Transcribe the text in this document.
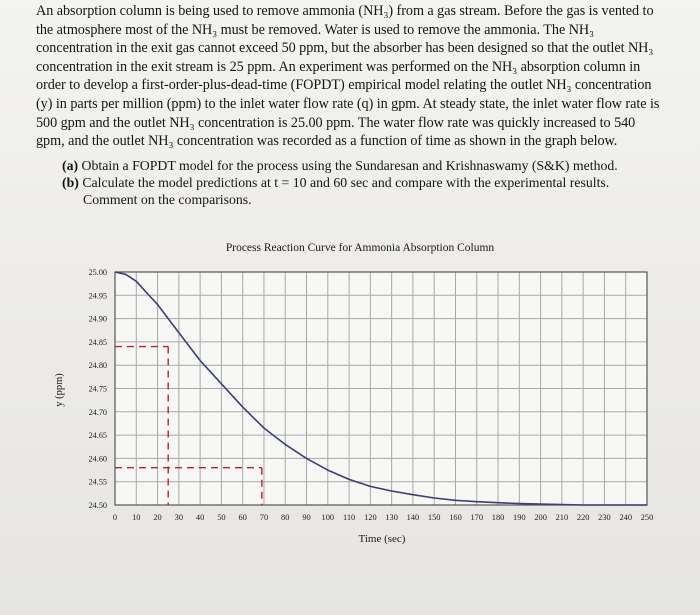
An absorption column is being used to remove ammonia (NH₃) from a gas stream. Before the gas is vented to the atmosphere most of the NH₃ must be removed. Water is used to remove the ammonia. The NH₃ concentration in the exit gas cannot exceed 50 ppm, but the absorber has been designed so that the outlet NH₃ concentration in the exit stream is 25 ppm. An experiment was performed on the NH₃ absorption column in order to develop a first-order-plus-dead-time (FOPDT) empirical model relating the outlet NH₃ concentration (y) in parts per million (ppm) to the inlet water flow rate (q) in gpm. At steady state, the inlet water flow rate is 500 gpm and the outlet NH₃ concentration is 25.00 ppm. The water flow rate was quickly increased to 540 gpm, and the outlet NH₃ concentration was recorded as a function of time as shown in the graph below.

(a) Obtain a FOPDT model for the process using the Sundaresan and Krishnaswamy (S&K) method.

(b) Calculate the model predictions at t = 10 and 60 sec and compare with the experimental results.

Comment on the comparisons.

Process Reaction Curve for Ammonia Absorption Column
0 10 20 30 40 50 60 70 80 90 100 110 120 130 140 150 160 170 180 190 200 210 220 230 240 250
25.00
24.95
24.90
24.85
24.80
24.75
24.70
24.65
24.60
24.55
24.50
Time (sec)
y (ppm)
